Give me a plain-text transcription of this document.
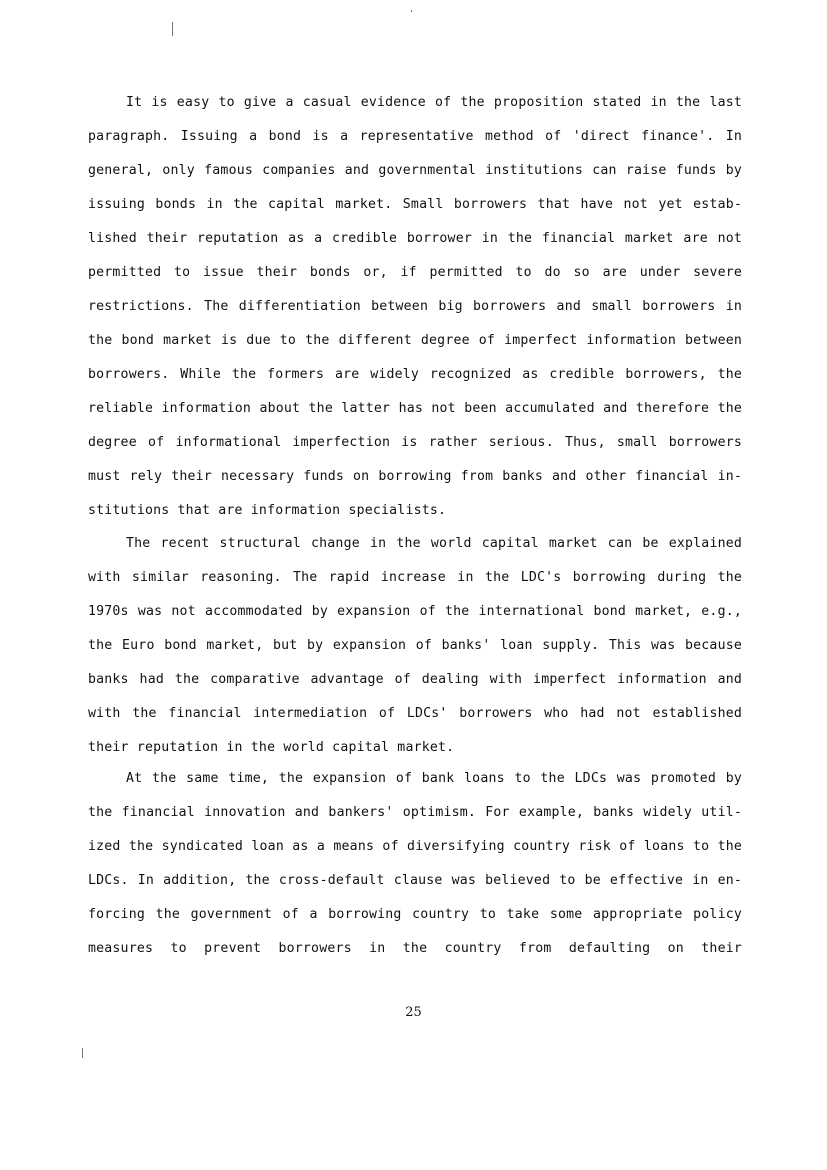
It is easy to give a casual evidence of the proposition stated in the last
paragraph. Issuing a bond is a representative method of 'direct finance'. In
general, only famous companies and governmental institutions can raise funds by
issuing bonds in the capital market. Small borrowers that have not yet estab-
lished their reputation as a credible borrower in the financial market are not
permitted to issue their bonds or, if permitted to do so are under severe
restrictions. The differentiation between big borrowers and small borrowers in
the bond market is due to the different degree of imperfect information between
borrowers. While the formers are widely recognized as credible borrowers, the
reliable information about the latter has not been accumulated and therefore the
degree of informational imperfection is rather serious. Thus, small borrowers
must rely their necessary funds on borrowing from banks and other financial in-
stitutions that are information specialists.
The recent structural change in the world capital market can be explained
with similar reasoning. The rapid increase in the LDC's borrowing during the
1970s was not accommodated by expansion of the international bond market, e.g.,
the Euro bond market, but by expansion of banks' loan supply. This was because
banks had the comparative advantage of dealing with imperfect information and
with the financial intermediation of LDCs' borrowers who had not established
their reputation in the world capital market.
At the same time, the expansion of bank loans to the LDCs was promoted by
the financial innovation and bankers' optimism. For example, banks widely util-
ized the syndicated loan as a means of diversifying country risk of loans to the
LDCs. In addition, the cross-default clause was believed to be effective in en-
forcing the government of a borrowing country to take some appropriate policy
measures to prevent borrowers in the country from defaulting on their
25
